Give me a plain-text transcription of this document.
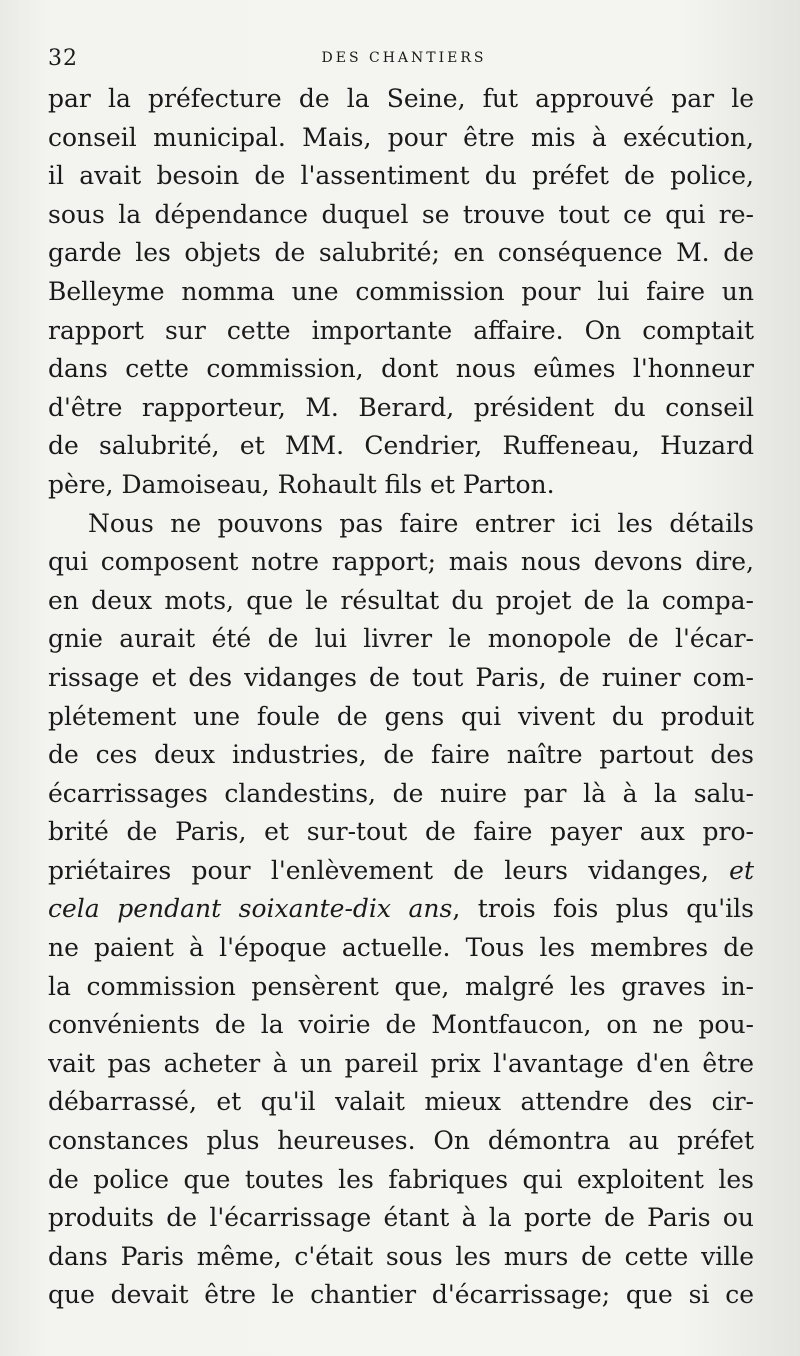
32	DES CHANTIERS
par la préfecture de la Seine, fut approuvé par le
conseil municipal. Mais, pour être mis à exécution,
il avait besoin de l'assentiment du préfet de police,
sous la dépendance duquel se trouve tout ce qui re-
garde les objets de salubrité; en conséquence M. de
Belleyme nomma une commission pour lui faire un
rapport sur cette importante affaire. On comptait
dans cette commission, dont nous eûmes l'honneur
d'être rapporteur, M. Berard, président du conseil
de salubrité, et MM. Cendrier, Ruffeneau, Huzard
père, Damoiseau, Rohault fils et Parton.
Nous ne pouvons pas faire entrer ici les détails
qui composent notre rapport; mais nous devons dire,
en deux mots, que le résultat du projet de la compa-
gnie aurait été de lui livrer le monopole de l'écar-
rissage et des vidanges de tout Paris, de ruiner com-
plétement une foule de gens qui vivent du produit
de ces deux industries, de faire naître partout des
écarrissages clandestins, de nuire par là à la salu-
brité de Paris, et sur-tout de faire payer aux pro-
priétaires pour l'enlèvement de leurs vidanges, et
cela pendant soixante-dix ans, trois fois plus qu'ils
ne paient à l'époque actuelle. Tous les membres de
la commission pensèrent que, malgré les graves in-
convénients de la voirie de Montfaucon, on ne pou-
vait pas acheter à un pareil prix l'avantage d'en être
débarrassé, et qu'il valait mieux attendre des cir-
constances plus heureuses. On démontra au préfet
de police que toutes les fabriques qui exploitent les
produits de l'écarrissage étant à la porte de Paris ou
dans Paris même, c'était sous les murs de cette ville
que devait être le chantier d'écarrissage; que si ce
